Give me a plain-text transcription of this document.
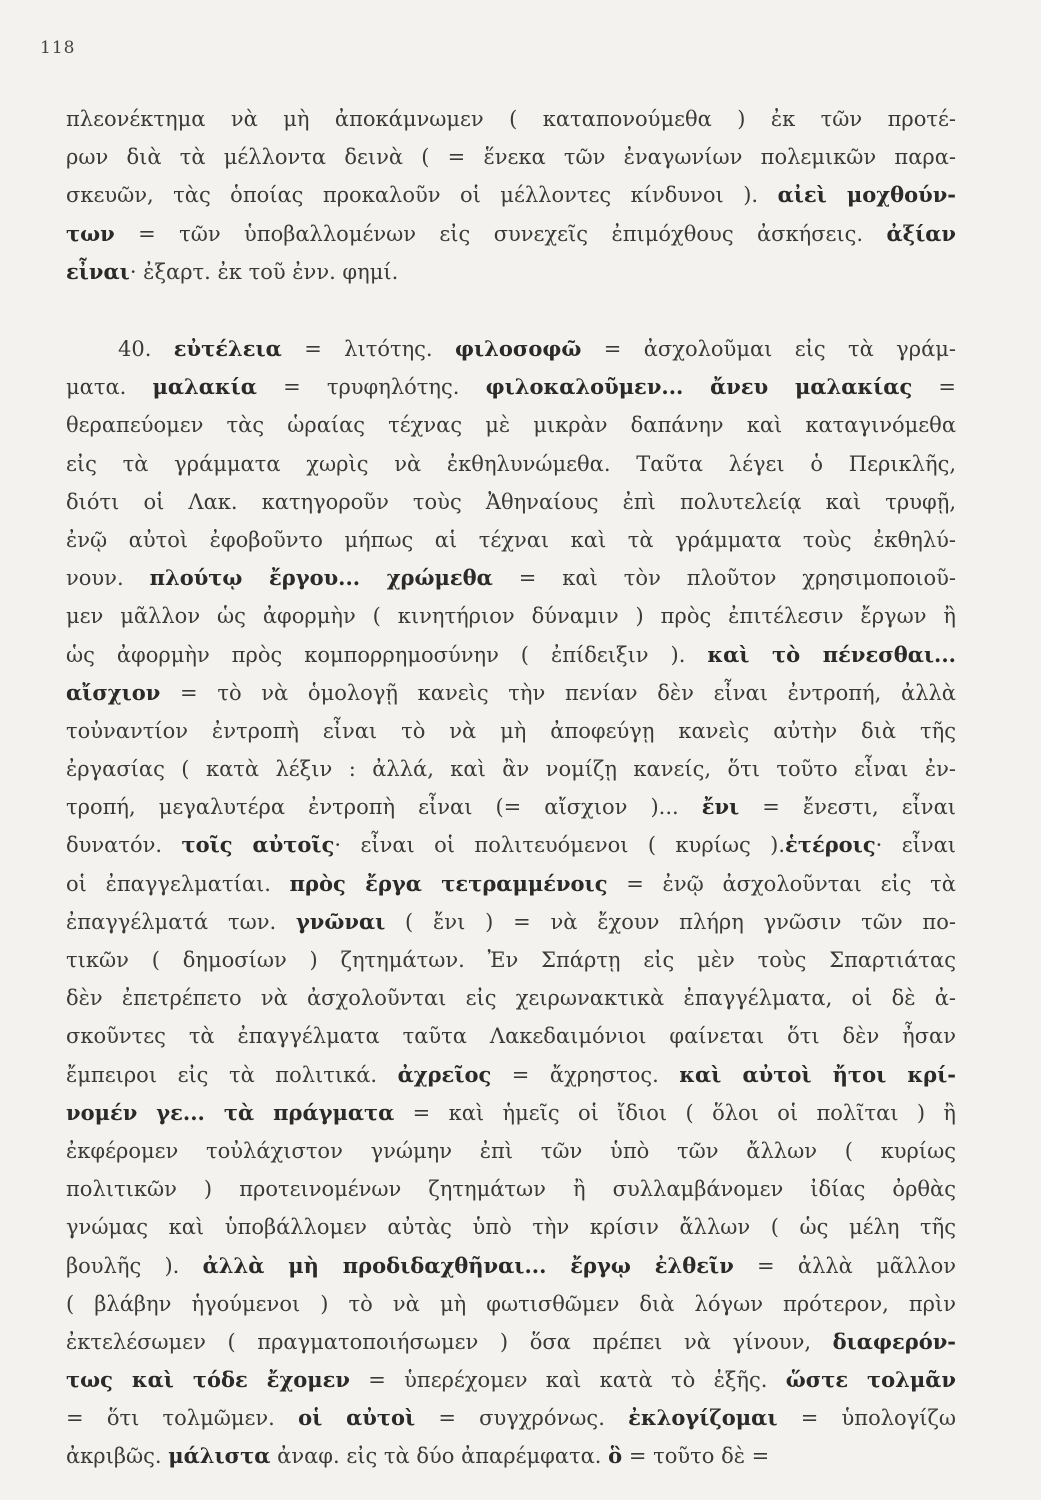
118
πλεονέκτημα νὰ μὴ ἀποκάμνωμεν ( καταπονούμεθα ) ἐκ τῶν προτέ-
ρων διὰ τὰ μέλλοντα δεινὰ ( = ἕνεκα τῶν ἐναγωνίων πολεμικῶν παρα-
σκευῶν, τὰς ὁποίας προκαλοῦν οἱ μέλλοντες κίνδυνοι ). αἰεὶ μοχθούν-
των = τῶν ὑποβαλλομένων εἰς συνεχεῖς ἐπιμόχθους ἀσκήσεις. ἀξίαν
εἶναι· ἐξαρτ. ἐκ τοῦ ἐνν. φημί.
40. εὐτέλεια = λιτότης. φιλοσοφῶ = ἀσχολοῦμαι εἰς τὰ γράμ-
ματα. μαλακία = τρυφηλότης. φιλοκαλοῦμεν... ἄνευ μαλακίας =
θεραπεύομεν τὰς ὡραίας τέχνας μὲ μικρὰν δαπάνην καὶ καταγινόμεθα
εἰς τὰ γράμματα χωρὶς νὰ ἐκθηλυνώμεθα. Ταῦτα λέγει ὁ Περικλῆς,
διότι οἱ Λακ. κατηγοροῦν τοὺς Ἀθηναίους ἐπὶ πολυτελείᾳ καὶ τρυφῇ,
ἐνῷ αὐτοὶ ἐφοβοῦντο μήπως αἱ τέχναι καὶ τὰ γράμματα τοὺς ἐκθηλύ-
νουν. πλούτῳ ἔργου... χρώμεθα = καὶ τὸν πλοῦτον χρησιμοποιοῦ-
μεν μᾶλλον ὡς ἀφορμὴν ( κινητήριον δύναμιν ) πρὸς ἐπιτέλεσιν ἔργων ἢ
ὡς ἀφορμὴν πρὸς κομπορρημοσύνην ( ἐπίδειξιν ). καὶ τὸ πένεσθαι...
αἴσχιον = τὸ νὰ ὁμολογῇ κανεὶς τὴν πενίαν δὲν εἶναι ἐντροπή, ἀλλὰ
τοὐναντίον ἐντροπὴ εἶναι τὸ νὰ μὴ ἀποφεύγῃ κανεὶς αὐτὴν διὰ τῆς
ἐργασίας ( κατὰ λέξιν : ἀλλά, καὶ ἂν νομίζῃ κανείς, ὅτι τοῦτο εἶναι ἐν-
τροπή, μεγαλυτέρα ἐντροπὴ εἶναι (= αἴσχιον )... ἔνι = ἔνεστι, εἶναι
δυνατόν. τοῖς αὐτοῖς· εἶναι οἱ πολιτευόμενοι ( κυρίως ).ἑτέροις· εἶναι
οἱ ἐπαγγελματίαι. πρὸς ἔργα τετραμμένοις = ἐνῷ ἀσχολοῦνται εἰς τὰ
ἐπαγγέλματά των. γνῶναι ( ἔνι ) = νὰ ἔχουν πλήρη γνῶσιν τῶν πο-
τικῶν ( δημοσίων ) ζητημάτων. Ἐν Σπάρτῃ εἰς μὲν τοὺς Σπαρτιάτας
δὲν ἐπετρέπετο νὰ ἀσχολοῦνται εἰς χειρωνακτικὰ ἐπαγγέλματα, οἱ δὲ ἀ-
σκοῦντες τὰ ἐπαγγέλματα ταῦτα Λακεδαιμόνιοι φαίνεται ὅτι δὲν ἦσαν
ἔμπειροι εἰς τὰ πολιτικά. ἀχρεῖος = ἄχρηστος. καὶ αὐτοὶ ἤτοι κρί-
νομέν γε... τὰ πράγματα = καὶ ἡμεῖς οἱ ἴδιοι ( ὅλοι οἱ πολῖται ) ἢ
ἐκφέρομεν τοὐλάχιστον γνώμην ἐπὶ τῶν ὑπὸ τῶν ἄλλων ( κυρίως
πολιτικῶν ) προτεινομένων ζητημάτων ἢ συλλαμβάνομεν ἰδίας ὀρθὰς
γνώμας καὶ ὑποβάλλομεν αὐτὰς ὑπὸ τὴν κρίσιν ἄλλων ( ὡς μέλη τῆς
βουλῆς ). ἀλλὰ μὴ προδιδαχθῆναι... ἔργῳ ἐλθεῖν = ἀλλὰ μᾶλλον
( βλάβην ἡγούμενοι ) τὸ νὰ μὴ φωτισθῶμεν διὰ λόγων πρότερον, πρὶν
ἐκτελέσωμεν ( πραγματοποιήσωμεν ) ὅσα πρέπει νὰ γίνουν, διαφερόν-
τως καὶ τόδε ἔχομεν = ὑπερέχομεν καὶ κατὰ τὸ ἑξῆς. ὥστε τολμᾶν
= ὅτι τολμῶμεν. οἱ αὐτοὶ = συγχρόνως. ἐκλογίζομαι = ὑπολογίζω
ἀκριβῶς. μάλιστα ἀναφ. εἰς τὰ δύο ἀπαρέμφατα. ὃ = τοῦτο δὲ =
